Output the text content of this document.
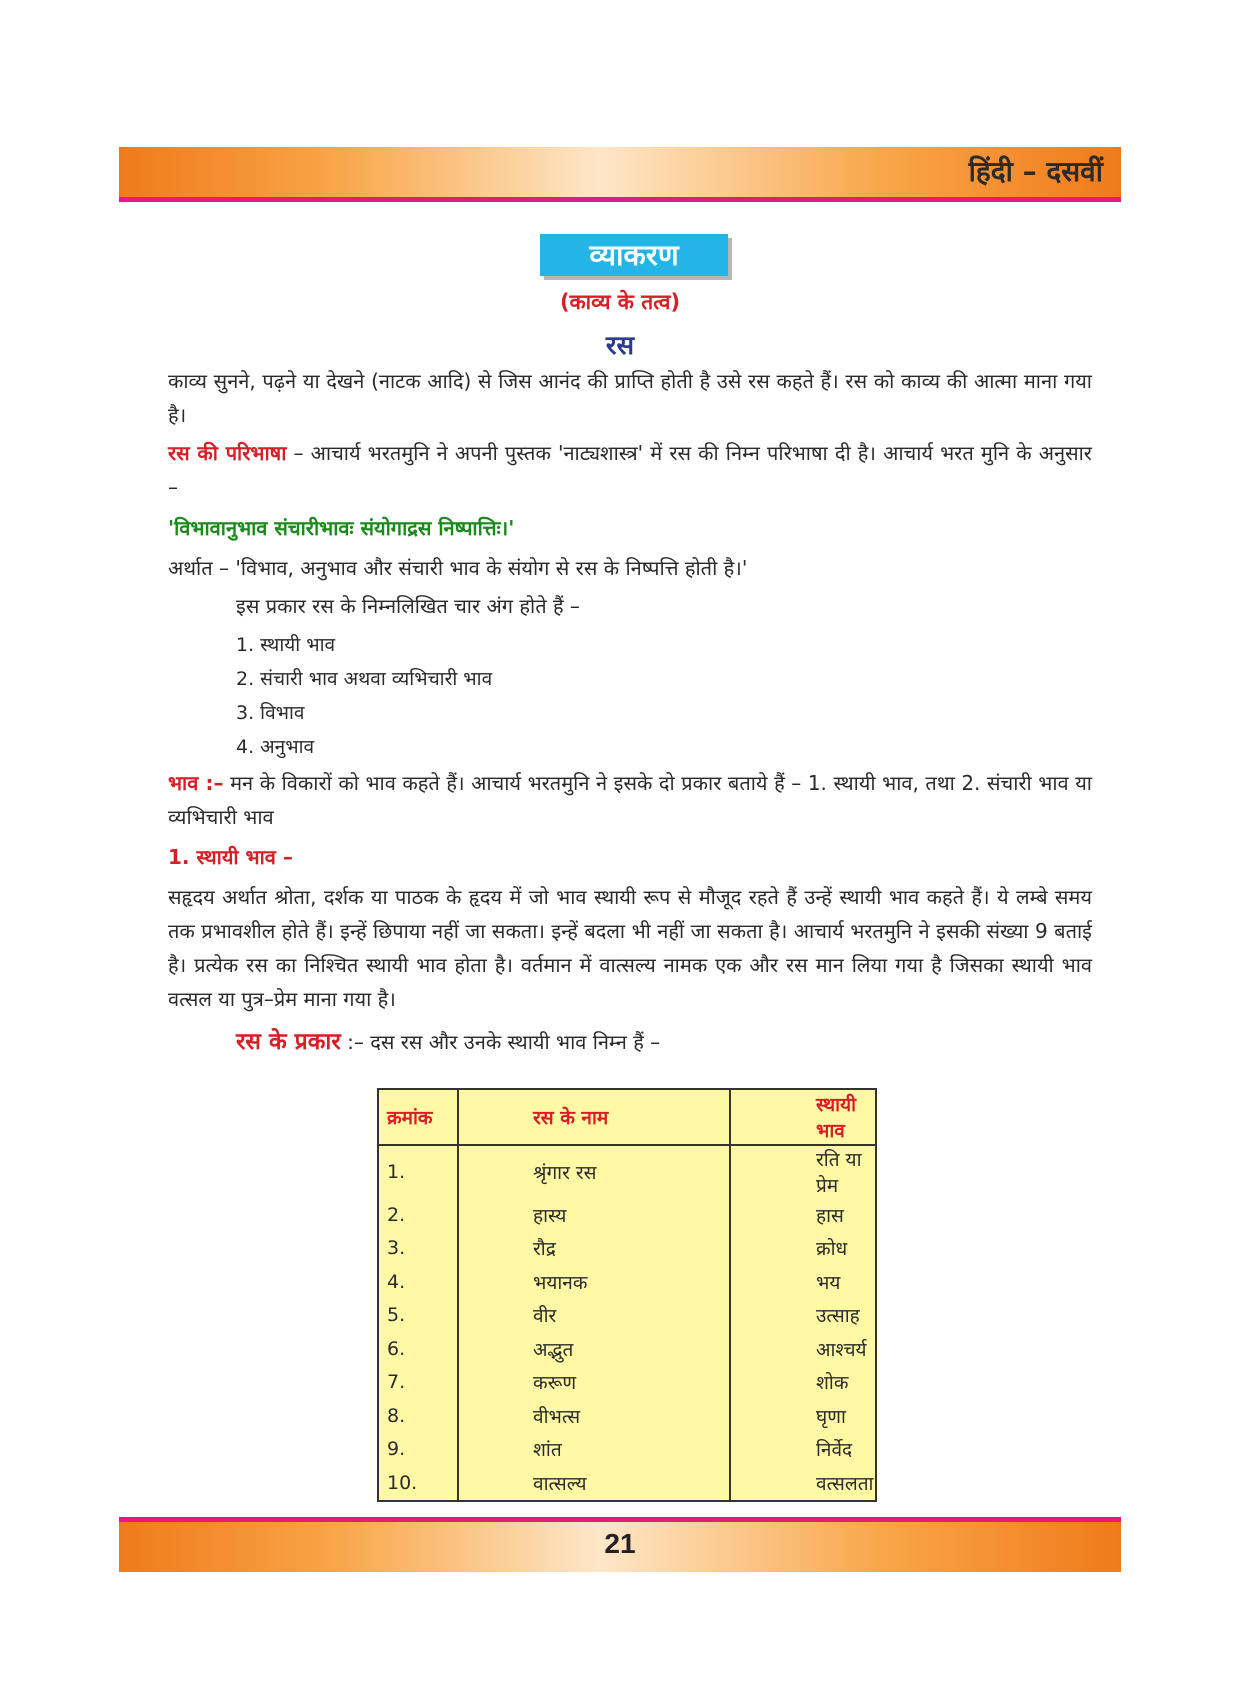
हिंदी – दसवीं
व्याकरण
(काव्य के तत्व)
रस
काव्य सुनने, पढ़ने या देखने (नाटक आदि) से जिस आनंद की प्राप्ति होती है उसे रस कहते हैं। रस को काव्य की आत्मा माना गया है।
रस की परिभाषा – आचार्य भरतमुनि ने अपनी पुस्तक 'नाट्यशास्त्र' में रस की निम्न परिभाषा दी है। आचार्य भरत मुनि के अनुसार –
'विभावानुभाव संचारीभावः संयोगाद्रस निष्पात्तिः।'
अर्थात – 'विभाव, अनुभाव और संचारी भाव के संयोग से रस के निष्पत्ति होती है।'
इस प्रकार रस के निम्नलिखित चार अंग होते हैं –
1. स्थायी भाव
2. संचारी भाव अथवा व्यभिचारी भाव
3. विभाव
4. अनुभाव
भाव :– मन के विकारों को भाव कहते हैं। आचार्य भरतमुनि ने इसके दो प्रकार बताये हैं – 1. स्थायी भाव, तथा 2. संचारी भाव या व्यभिचारी भाव
1. स्थायी भाव –
सहृदय अर्थात श्रोता, दर्शक या पाठक के हृदय में जो भाव स्थायी रूप से मौजूद रहते हैं उन्हें स्थायी भाव कहते हैं। ये लम्बे समय तक प्रभावशील होते हैं। इन्हें छिपाया नहीं जा सकता। इन्हें बदला भी नहीं जा सकता है। आचार्य भरतमुनि ने इसकी संख्या 9 बताई है। प्रत्येक रस का निश्चित स्थायी भाव होता है। वर्तमान में वात्सल्य नामक एक और रस मान लिया गया है जिसका स्थायी भाव वत्सल या पुत्र–प्रेम माना गया है।
रस के प्रकार :– दस रस और उनके स्थायी भाव निम्न हैं –
क्रमांक	रस के नाम	स्थायी भाव
1.	श्रृंगार रस	रति या प्रेम
2.	हास्य	हास
3.	रौद्र	क्रोध
4.	भयानक	भय
5.	वीर	उत्साह
6.	अद्भुत	आश्चर्य
7.	करूण	शोक
8.	वीभत्स	घृणा
9.	शांत	निर्वेद
10.	वात्सल्य	वत्सलता
21
